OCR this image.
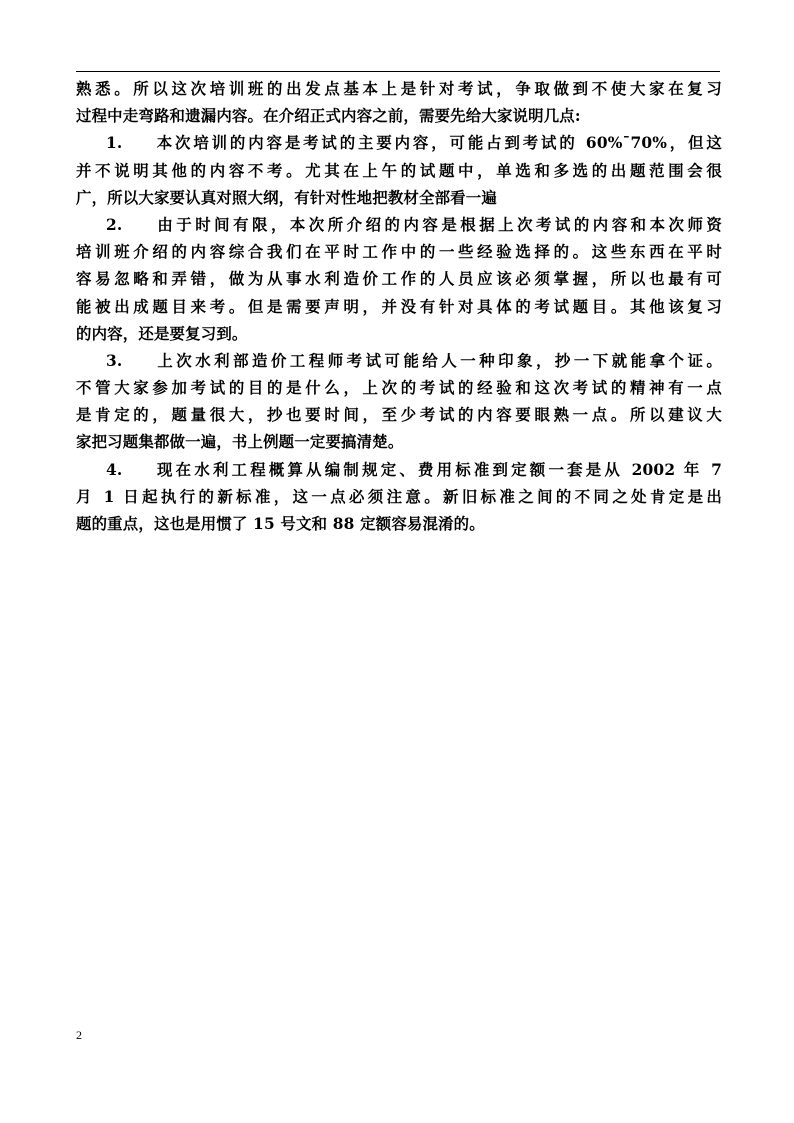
熟悉。所以这次培训班的出发点基本上是针对考试，争取做到不使大家在复习
过程中走弯路和遗漏内容。在介绍正式内容之前，需要先给大家说明几点:
1. 本次培训的内容是考试的主要内容，可能占到考试的 60%¯70%，但这
并不说明其他的内容不考。尤其在上午的试题中，单选和多选的出题范围会很
广，所以大家要认真对照大纲，有针对性地把教材全部看一遍
2. 由于时间有限，本次所介绍的内容是根据上次考试的内容和本次师资
培训班介绍的内容综合我们在平时工作中的一些经验选择的。这些东西在平时
容易忽略和弄错，做为从事水利造价工作的人员应该必须掌握，所以也最有可
能被出成题目来考。但是需要声明，并没有针对具体的考试题目。其他该复习
的内容，还是要复习到。
3. 上次水利部造价工程师考试可能给人一种印象，抄一下就能拿个证。
不管大家参加考试的目的是什么，上次的考试的经验和这次考试的精神有一点
是肯定的，题量很大，抄也要时间，至少考试的内容要眼熟一点。所以建议大
家把习题集都做一遍，书上例题一定要搞清楚。
4. 现在水利工程概算从编制规定、费用标准到定额一套是从 2002 年 7
月 1 日起执行的新标准，这一点必须注意。新旧标准之间的不同之处肯定是出
题的重点，这也是用惯了 15 号文和 88 定额容易混淆的。
2
